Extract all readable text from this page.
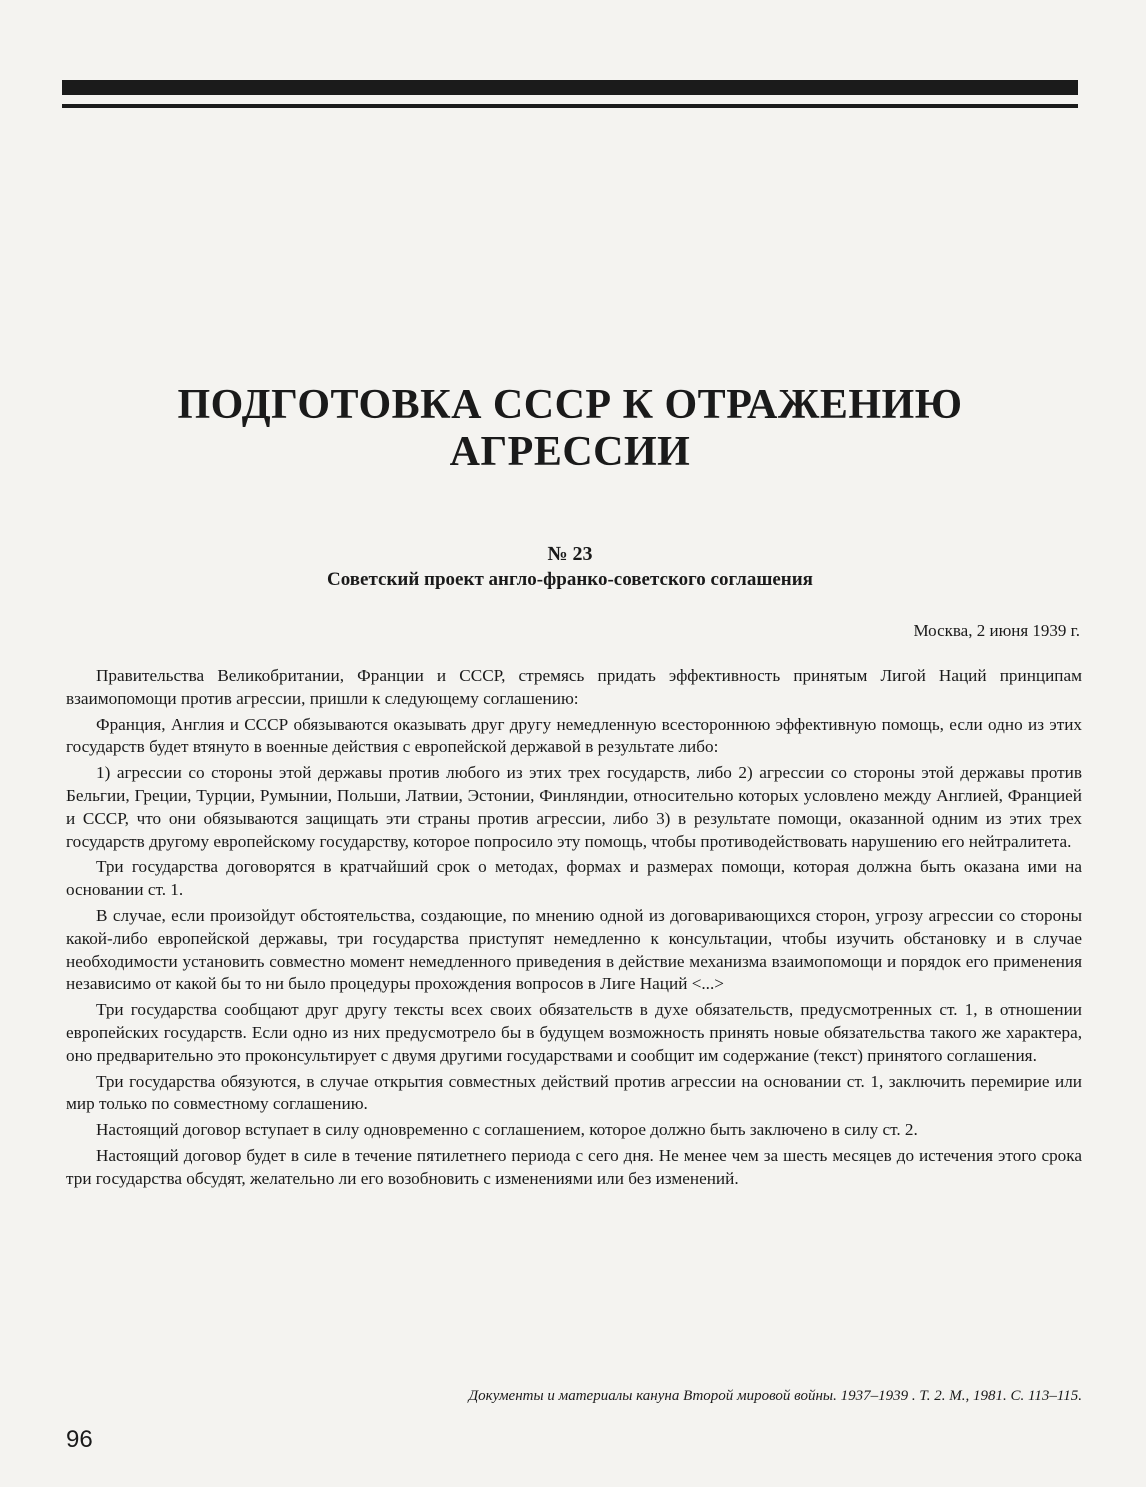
ПОДГОТОВКА СССР К ОТРАЖЕНИЮ
АГРЕССИИ
№ 23
Советский проект англо-франко-советского соглашения
Москва, 2 июня 1939 г.

Правительства Великобритании, Франции и СССР, стремясь придать эффективность принятым Лигой Наций принципам взаимопомощи против агрессии, пришли к следующему соглашению:

Франция, Англия и СССР обязываются оказывать друг другу немедленную всестороннюю эффективную помощь, если одно из этих государств будет втянуто в военные действия с европейской державой в результате либо:

1) агрессии со стороны этой державы против любого из этих трех государств, либо 2) агрессии со стороны этой державы против Бельгии, Греции, Турции, Румынии, Польши, Латвии, Эстонии, Финляндии, относительно которых условлено между Англией, Францией и СССР, что они обязываются защищать эти страны против агрессии, либо 3) в результате помощи, оказанной одним из этих трех государств другому европейскому государству, которое попросило эту помощь, чтобы противодействовать нарушению его нейтралитета.

Три государства договорятся в кратчайший срок о методах, формах и размерах помощи, которая должна быть оказана ими на основании ст. 1.

В случае, если произойдут обстоятельства, создающие, по мнению одной из договаривающихся сторон, угрозу агрессии со стороны какой-либо европейской державы, три государства приступят немедленно к консультации, чтобы изучить обстановку и в случае необходимости установить совместно момент немедленного приведения в действие механизма взаимопомощи и порядок его применения независимо от какой бы то ни было процедуры прохождения вопросов в Лиге Наций <...>

Три государства сообщают друг другу тексты всех своих обязательств в духе обязательств, предусмотренных ст. 1, в отношении европейских государств. Если одно из них предусмотрело бы в будущем возможность принять новые обязательства такого же характера, оно предварительно это проконсультирует с двумя другими государствами и сообщит им содержание (текст) принятого соглашения.

Три государства обязуются, в случае открытия совместных действий против агрессии на основании ст. 1, заключить перемирие или мир только по совместному соглашению.

Настоящий договор вступает в силу одновременно с соглашением, которое должно быть заключено в силу ст. 2.

Настоящий договор будет в силе в течение пятилетнего периода с сего дня. Не менее чем за шесть месяцев до истечения этого срока три государства обсудят, желательно ли его возобновить с изменениями или без изменений.

Документы и материалы кануна Второй мировой войны. 1937–1939 . Т. 2. М., 1981. С. 113–115.
96
